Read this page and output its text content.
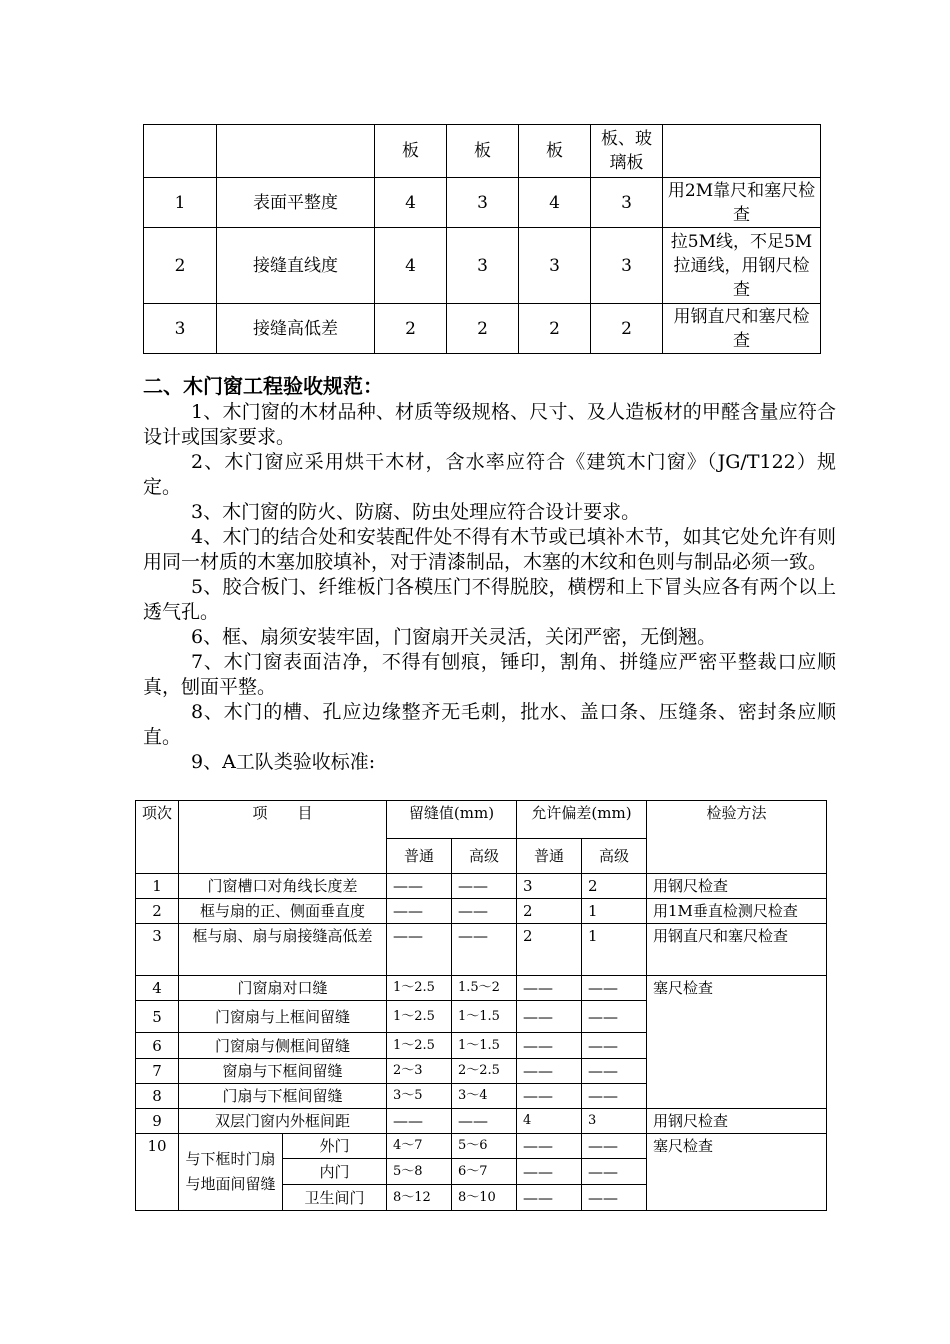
		板	板	板	板、玻璃板	
1	表面平整度	4	3	4	3	用2M靠尺和塞尺检查
2	接缝直线度	4	3	3	3	拉5M线，不足5M拉通线，用钢尺检查
3	接缝高低差	2	2	2	2	用钢直尺和塞尺检查
二、木门窗工程验收规范：

1、木门窗的木材品种、材质等级规格、尺寸、及人造板材的甲醛含量应符合设计或国家要求。

2、木门窗应采用烘干木材，含水率应符合《建筑木门窗》（JG/T122）规定。

3、木门窗的防火、防腐、防虫处理应符合设计要求。

4、木门的结合处和安装配件处不得有木节或已填补木节，如其它处允许有则用同一材质的木塞加胶填补，对于清漆制品，木塞的木纹和色则与制品必须一致。

5、胶合板门、纤维板门各模压门不得脱胶，横楞和上下冒头应各有两个以上透气孔。

6、框、扇须安装牢固，门窗扇开关灵活，关闭严密，无倒翘。

7、木门窗表面洁净，不得有刨痕，锤印，割角、拼缝应严密平整裁口应顺真，刨面平整。

8、木门的槽、孔应边缘整齐无毛刺，批水、盖口条、压缝条、密封条应顺直。

9、A工队类验收标准:

项次	项　　目		留缝值(mm)		允许偏差(mm)		检验方法
			普通	高级	普通	高级	
1	门窗槽口对角线长度差		——	——	3	2	用钢尺检查
2	框与扇的正、侧面垂直度		——	——	2	1	用1M垂直检测尺检查
3	框与扇、扇与扇接缝高低差		——	——	2	1	用钢直尺和塞尺检查
4	门窗扇对口缝		1～2.5	1.5～2	——	——	塞尺检查
5	门窗扇与上框间留缝		1～2.5	1～1.5	——	——	
6	门窗扇与侧框间留缝		1～2.5	1～1.5	——	——	
7	窗扇与下框间留缝		2～3	2～2.5	——	——	
8	门扇与下框间留缝		3～5	3～4	——	——	
9	双层门窗内外框间距		——	——	4	3	用钢尺检查
10	与下框时门扇与地面间留缝	外门	4～7	5～6	——	——	塞尺检查
		内门	5～8	6～7	——	——	
		卫生间门	8～12	8～10	——	——	
